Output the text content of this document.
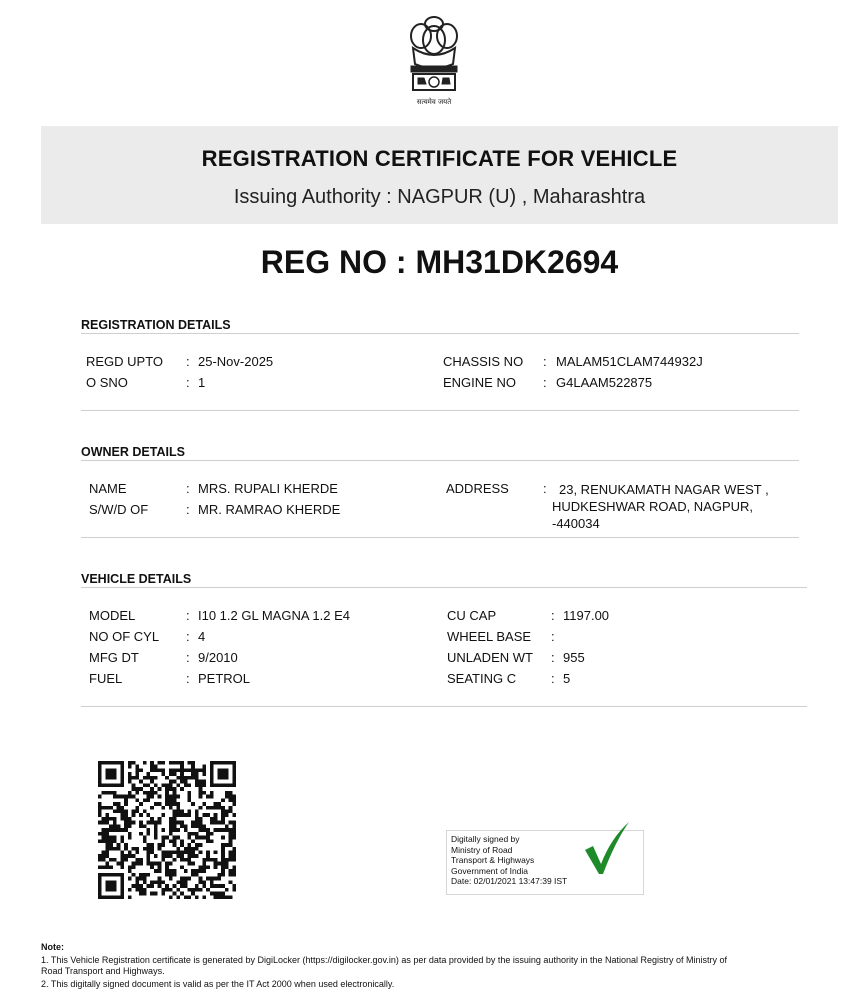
सत्यमेव जयते
REGISTRATION CERTIFICATE FOR VEHICLE
Issuing Authority : NAGPUR (U) , Maharashtra
REG NO : MH31DK2694
REGISTRATION DETAILS
REGD UPTO : 25-Nov-2025
O SNO	: 1
CHASSIS NO : MALAM51CLAM744932J
ENGINE NO : G4LAAM522875
OWNER DETAILS
NAME	: MRS. RUPALI KHERDE
S/W/D OF	: MR. RAMRAO KHERDE
ADDRESS	: 23, RENUKAMATH NAGAR WEST ,
HUDKESHWAR ROAD, NAGPUR,
-440034
VEHICLE DETAILS
MODEL	: I10 1.2 GL MAGNA 1.2 E4
NO OF CYL : 4
MFG DT	: 9/2010
FUEL	: PETROL
CU CAP	: 1197.00
WHEEL BASE :
UNLADEN WT : 955
SEATING C	: 5
Digitally signed by
Ministry of Road
Transport & Highways
Government of India
Date: 02/01/2021 13:47:39 IST
Note:
1. This Vehicle Registration certificate is generated by DigiLocker (https://digilocker.gov.in) as per data provided by the issuing authority in the National Registry of Ministry of
Road Transport and Highways.
2. This digitally signed document is valid as per the IT Act 2000 when used electronically.
